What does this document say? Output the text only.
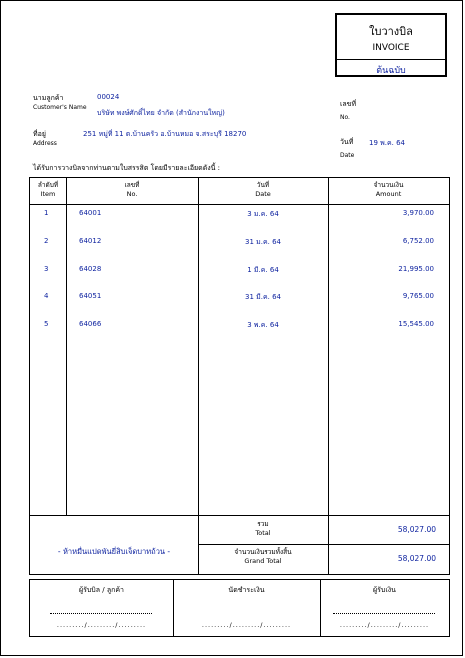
ใบวางบิล
INVOICE
ต้นฉบับ
นามลูกค้า
Customer's Name
00024
บริษัท พงษ์ศักดิ์ไทย จำกัด (สำนักงานใหญ่)
ที่อยู่
Address
251 หมู่ที่ 11 ต.บ้านครัว อ.บ้านหมอ จ.สระบุรี 18270
เลขที่
No.
วันที่
Date
19 พ.ค. 64
ได้รับการวางบิลจากท่านตามใบสรรสิต โดยมีรายละเอียดดังนี้ :
ลำดับที่
Item
เลขที่
No.
วันที่
Date
จำนวนเงิน
Amount
1	64001	3 ม.ค. 64	3,970.00
2	64012	31 ม.ค. 64	6,752.00
3	64028	1 มี.ค. 64	21,995.00
4	64051	31 มี.ค. 64	9,765.00
5	64066	3 พ.ค. 64	15,545.00
- ห้าหมื่นแปดพันยี่สิบเจ็ดบาทถ้วน -
รวม
Total	58,027.00
จำนวนเงินรวมทั้งสิ้น
Grand Total	58,027.00
ผู้รับบิล / ลูกค้า
........./........./.........
นัดชำระเงิน
........./........./.........
ผู้รับเงิน
........./........./.........
